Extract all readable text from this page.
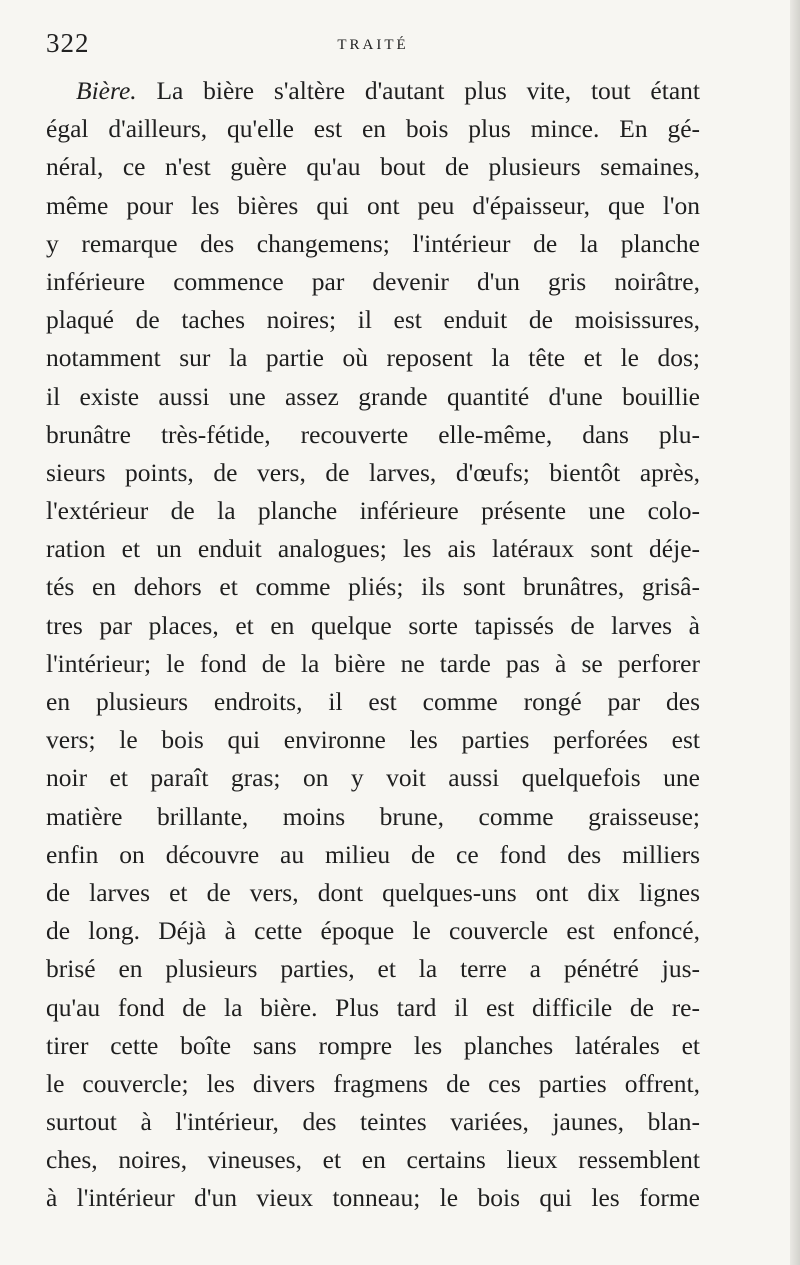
322	TRAITÉ
Bière. La bière s'altère d'autant plus vite, tout étant
égal d'ailleurs, qu'elle est en bois plus mince. En gé-
néral, ce n'est guère qu'au bout de plusieurs semaines,
même pour les bières qui ont peu d'épaisseur, que l'on
y remarque des changemens; l'intérieur de la planche
inférieure commence par devenir d'un gris noirâtre,
plaqué de taches noires; il est enduit de moisissures,
notamment sur la partie où reposent la tête et le dos;
il existe aussi une assez grande quantité d'une bouillie
brunâtre très-fétide, recouverte elle-même, dans plu-
sieurs points, de vers, de larves, d'œufs; bientôt après,
l'extérieur de la planche inférieure présente une colo-
ration et un enduit analogues; les ais latéraux sont déje-
tés en dehors et comme pliés; ils sont brunâtres, grisâ-
tres par places, et en quelque sorte tapissés de larves à
l'intérieur; le fond de la bière ne tarde pas à se perforer
en plusieurs endroits, il est comme rongé par des
vers; le bois qui environne les parties perforées est
noir et paraît gras; on y voit aussi quelquefois une
matière brillante, moins brune, comme graisseuse;
enfin on découvre au milieu de ce fond des milliers
de larves et de vers, dont quelques-uns ont dix lignes
de long. Déjà à cette époque le couvercle est enfoncé,
brisé en plusieurs parties, et la terre a pénétré jus-
qu'au fond de la bière. Plus tard il est difficile de re-
tirer cette boîte sans rompre les planches latérales et
le couvercle; les divers fragmens de ces parties offrent,
surtout à l'intérieur, des teintes variées, jaunes, blan-
ches, noires, vineuses, et en certains lieux ressemblent
à l'intérieur d'un vieux tonneau; le bois qui les forme
